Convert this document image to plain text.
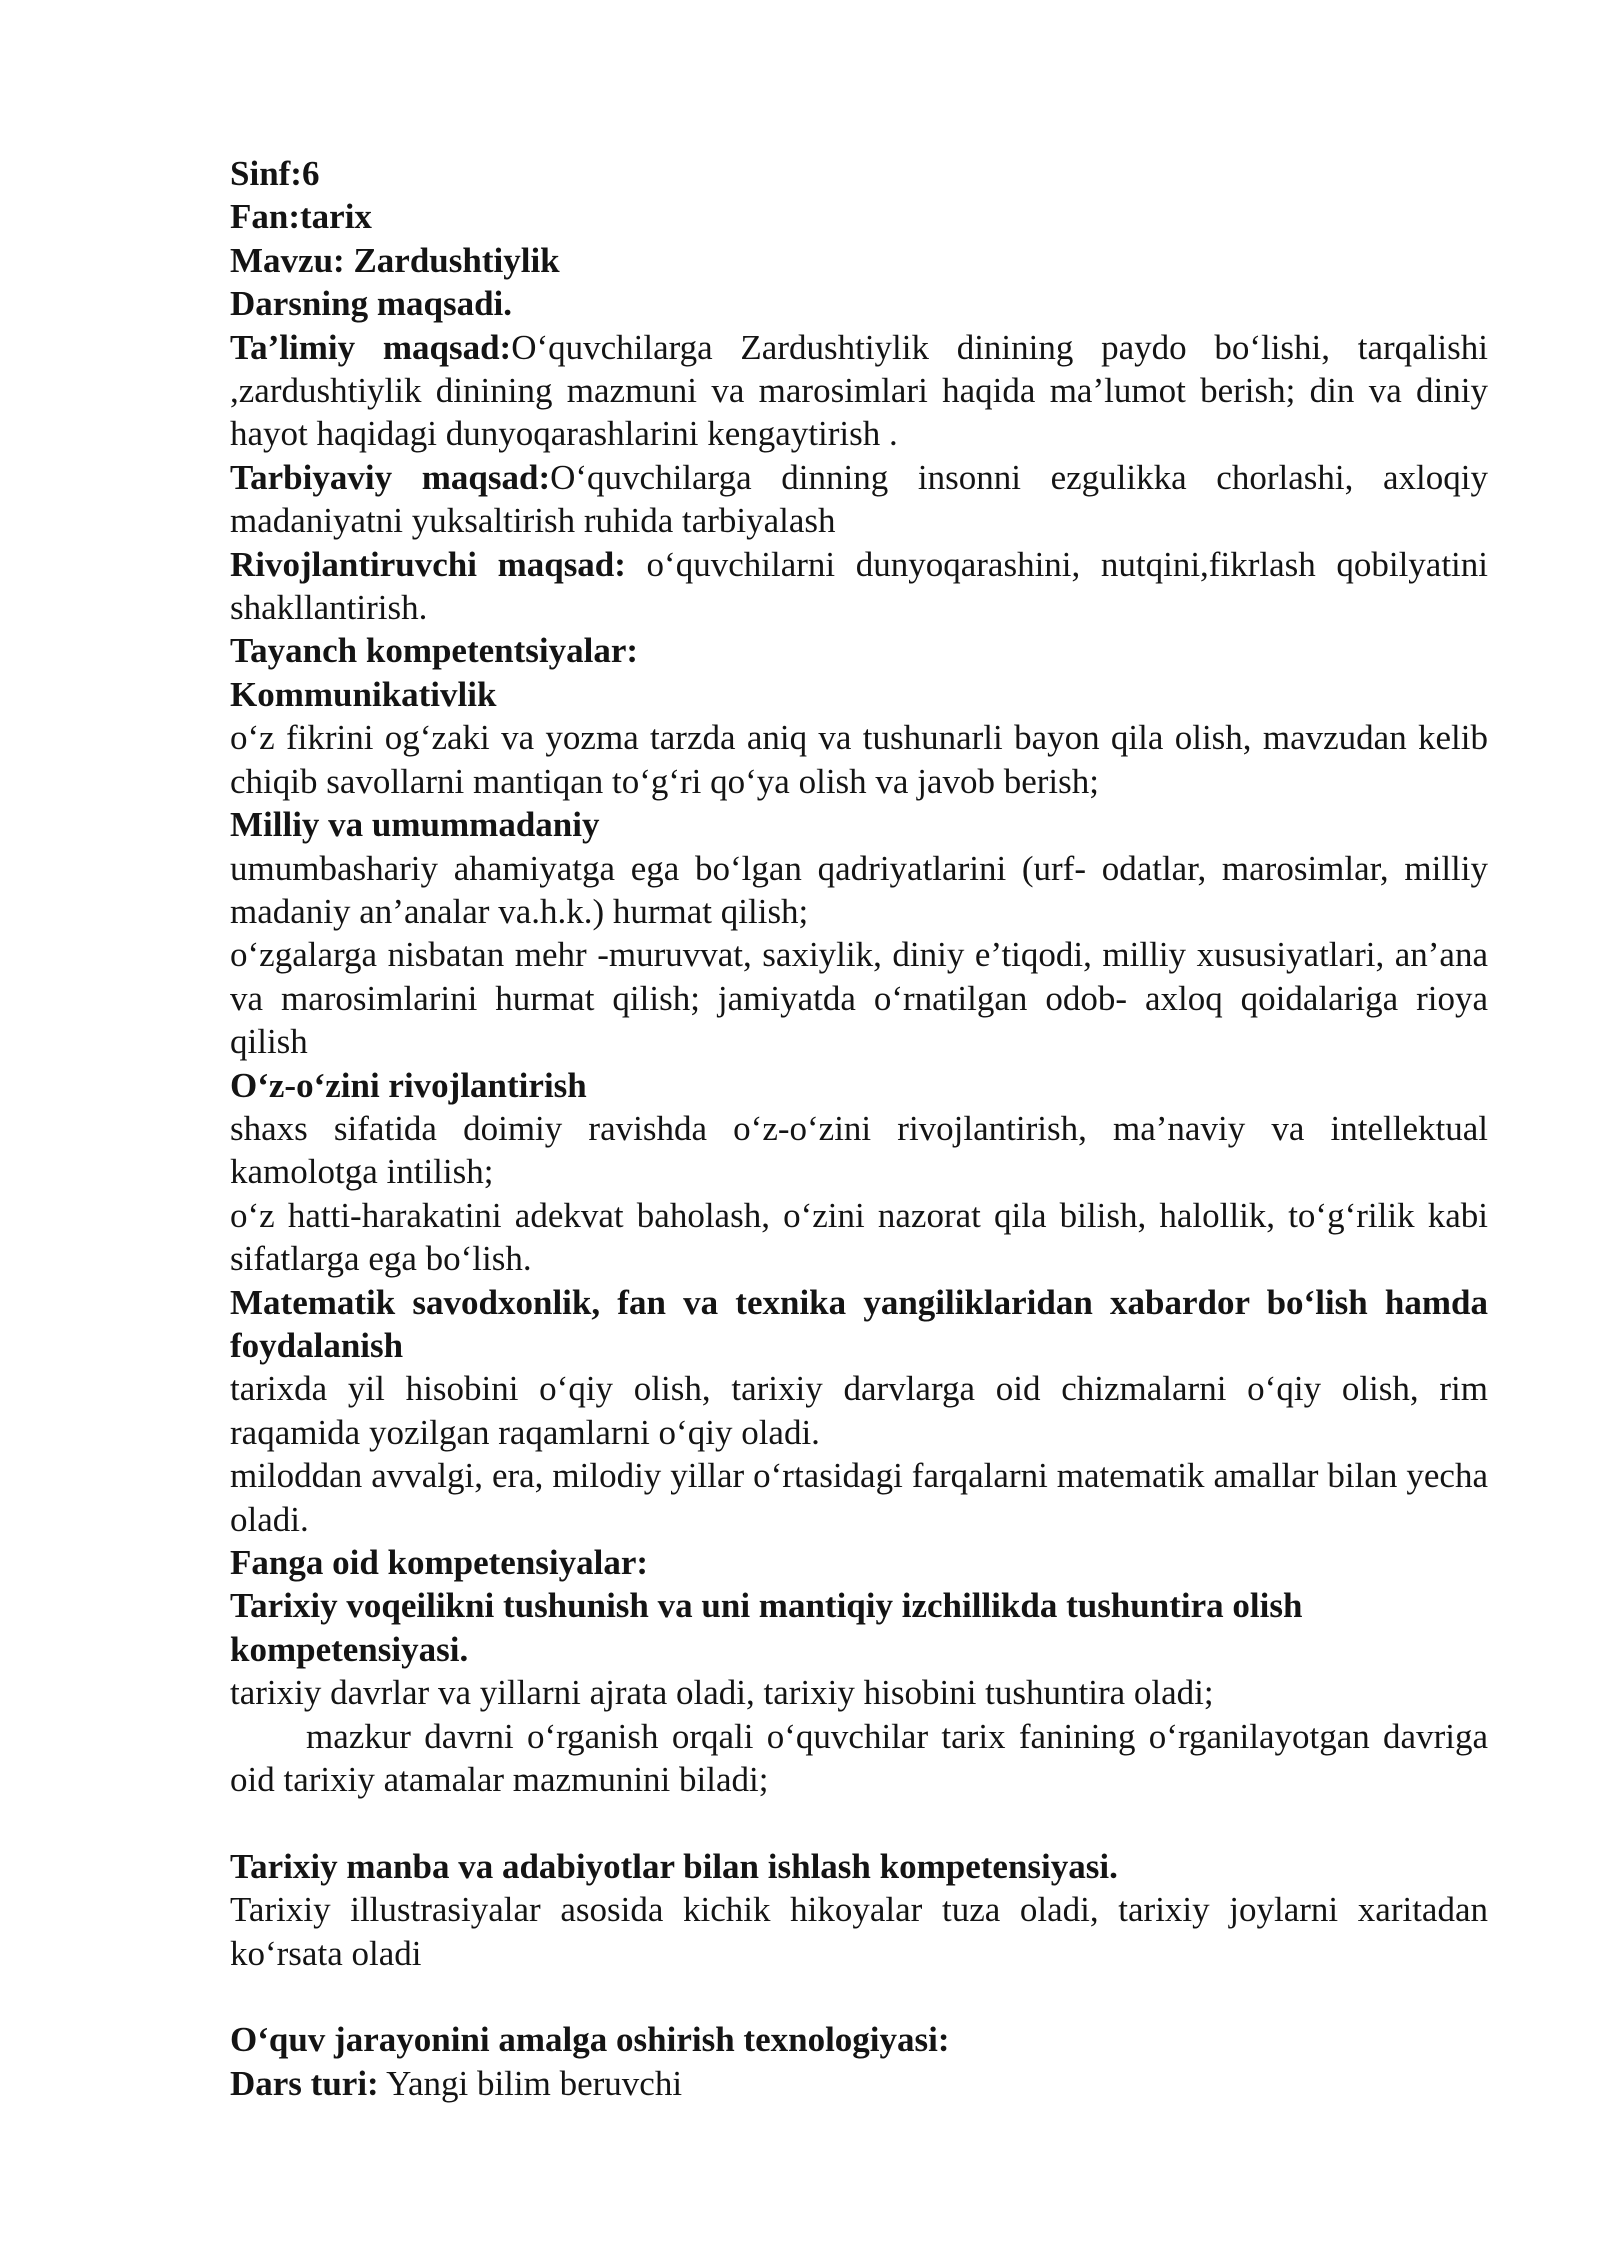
Sinf:6
Fan:tarix
Mavzu: Zardushtiylik
Darsning maqsadi.
Ta’limiy maqsad:O‘quvchilarga Zardushtiylik dinining paydo bo‘lishi, tarqalishi ,zardushtiylik dinining mazmuni va marosimlari haqida ma’lumot berish; din va diniy hayot haqidagi dunyoqarashlarini kengaytirish .
Tarbiyaviy maqsad:O‘quvchilarga dinning insonni ezgulikka chorlashi, axloqiy madaniyatni yuksaltirish ruhida tarbiyalash
Rivojlantiruvchi maqsad: o‘quvchilarni dunyoqarashini, nutqini,fikrlash qobilyatini shakllantirish.
Tayanch kompetentsiyalar:
Kommunikativlik
o‘z fikrini og‘zaki va yozma tarzda aniq va tushunarli bayon qila olish, mavzudan kelib chiqib savollarni mantiqan to‘g‘ri qo‘ya olish va javob berish;
Milliy va umummadaniy
umumbashariy ahamiyatga ega bo‘lgan qadriyatlarini (urf- odatlar, marosimlar, milliy madaniy an’analar va.h.k.) hurmat qilish;
o‘zgalarga nisbatan mehr -muruvvat, saxiylik, diniy e’tiqodi, milliy xususiyatlari, an’ana va marosimlarini hurmat qilish; jamiyatda o‘rnatilgan odob- axloq qoidalariga rioya qilish
O‘z-o‘zini rivojlantirish
shaxs sifatida doimiy ravishda o‘z-o‘zini rivojlantirish, ma’naviy va intellektual kamolotga intilish;
o‘z hatti-harakatini adekvat baholash, o‘zini nazorat qila bilish, halollik, to‘g‘rilik kabi sifatlarga ega bo‘lish.
Matematik savodxonlik, fan va texnika yangiliklaridan xabardor bo‘lish hamda foydalanish
tarixda yil hisobini o‘qiy olish, tarixiy darvlarga oid chizmalarni o‘qiy olish, rim raqamida yozilgan raqamlarni o‘qiy oladi.
miloddan avvalgi, era, milodiy yillar o‘rtasidagi farqalarni matematik amallar bilan yecha oladi.
Fanga oid kompetensiyalar:
Tarixiy voqeilikni tushunish va uni mantiqiy izchillikda tushuntira olish kompetensiyasi.
tarixiy davrlar va yillarni ajrata oladi, tarixiy hisobini tushuntira oladi;
mazkur davrni o‘rganish orqali o‘quvchilar tarix fanining o‘rganilayotgan davriga oid tarixiy atamalar mazmunini biladi;
Tarixiy manba va adabiyotlar bilan ishlash kompetensiyasi.
Tarixiy illustrasiyalar asosida kichik hikoyalar tuza oladi, tarixiy joylarni xaritadan ko‘rsata oladi
O‘quv jarayonini amalga oshirish texnologiyasi:
Dars turi: Yangi bilim beruvchi
